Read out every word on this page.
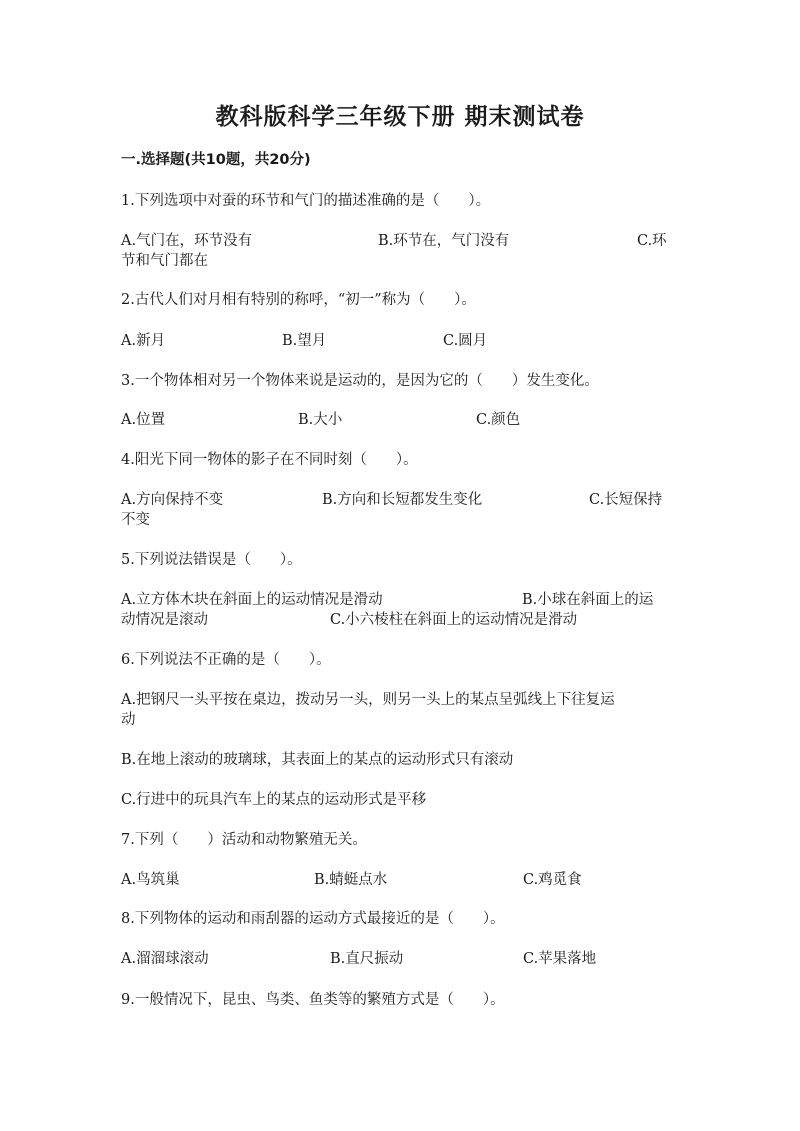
教科版科学三年级下册 期末测试卷
一.选择题(共10题，共20分)
1.下列选项中对蚕的环节和气门的描述准确的是（　　）。
A.气门在，环节没有	B.环节在，气门没有	C.环
节和气门都在
2.古代人们对月相有特别的称呼，“初一”称为（　　）。
A.新月	B.望月	C.圆月
3.一个物体相对另一个物体来说是运动的，是因为它的（　　）发生变化。
A.位置	B.大小	C.颜色
4.阳光下同一物体的影子在不同时刻（　　）。
A.方向保持不变	B.方向和长短都发生变化	C.长短保持
不变
5.下列说法错误是（　　）。
A.立方体木块在斜面上的运动情况是滑动	B.小球在斜面上的运
动情况是滚动	C.小六棱柱在斜面上的运动情况是滑动
6.下列说法不正确的是（　　）。
A.把钢尺一头平按在桌边，拨动另一头，则另一头上的某点呈弧线上下往复运
动
B.在地上滚动的玻璃球，其表面上的某点的运动形式只有滚动
C.行进中的玩具汽车上的某点的运动形式是平移
7.下列（　　）活动和动物繁殖无关。
A.鸟筑巢	B.蜻蜓点水	C.鸡觅食
8.下列物体的运动和雨刮器的运动方式最接近的是（　　）。
A.溜溜球滚动	B.直尺振动	C.苹果落地
9.一般情况下，昆虫、鸟类、鱼类等的繁殖方式是（　　）。
